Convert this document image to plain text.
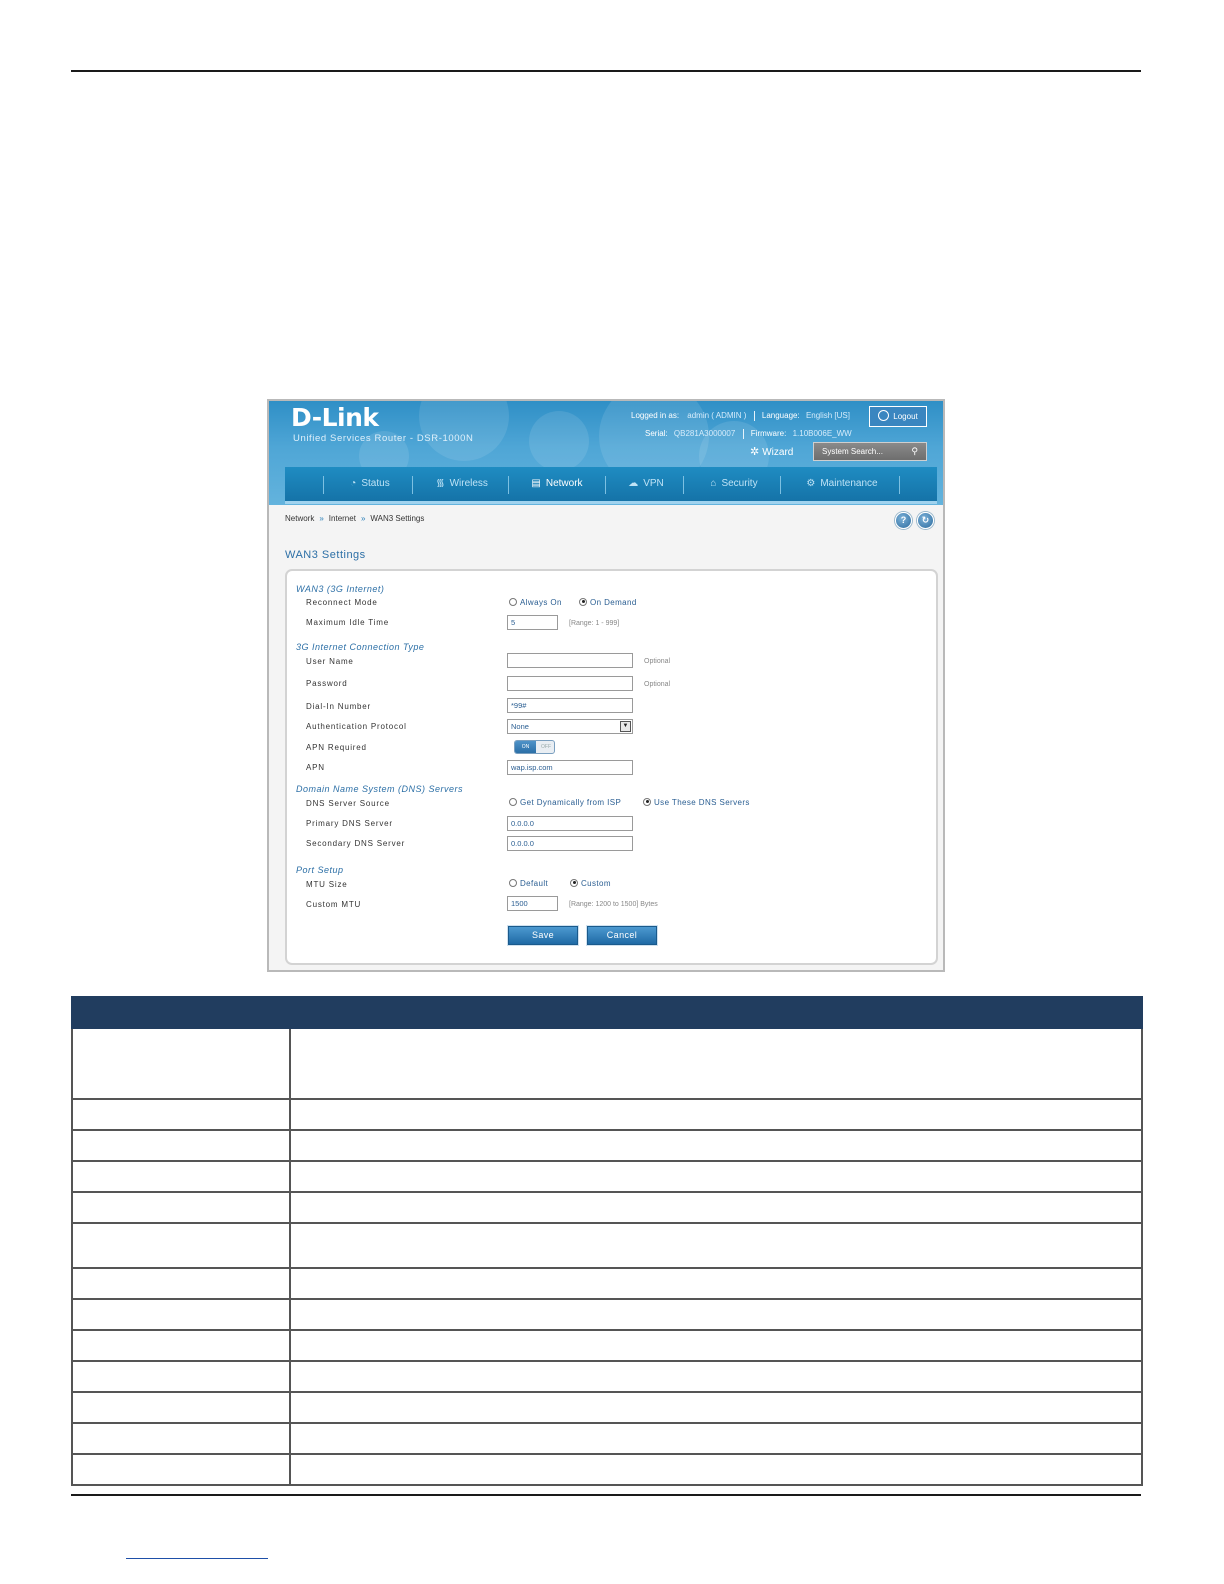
D-Link
Unified Services Router - DSR-1000N
Logged in as: admin ( ADMIN ) Language: English [US]	Logout
Serial: QB281A3000007 Firmware: 1.10B006E_WW
✲ Wizard	System Search...	⚲
◔ Status	᯾ Wireless	▤ Network	☁ VPN	⌂ Security	⚙ Maintenance
Network » Internet » WAN3 Settings	?	↻
WAN3 Settings
WAN3 (3G Internet)
Reconnect Mode	Always On	On Demand
Maximum Idle Time	5	[Range: 1 - 999]
3G Internet Connection Type
User Name	Optional
Password	Optional
Dial-In Number	*99#
Authentication Protocol	None	▼
APN Required	ON	OFF
APN	wap.isp.com
Domain Name System (DNS) Servers
DNS Server Source	Get Dynamically from ISP	Use These DNS Servers
Primary DNS Server	0.0.0.0
Secondary DNS Server	0.0.0.0
Port Setup
MTU Size	Default	Custom
Custom MTU	1500	[Range: 1200 to 1500] Bytes
Save	Cancel
